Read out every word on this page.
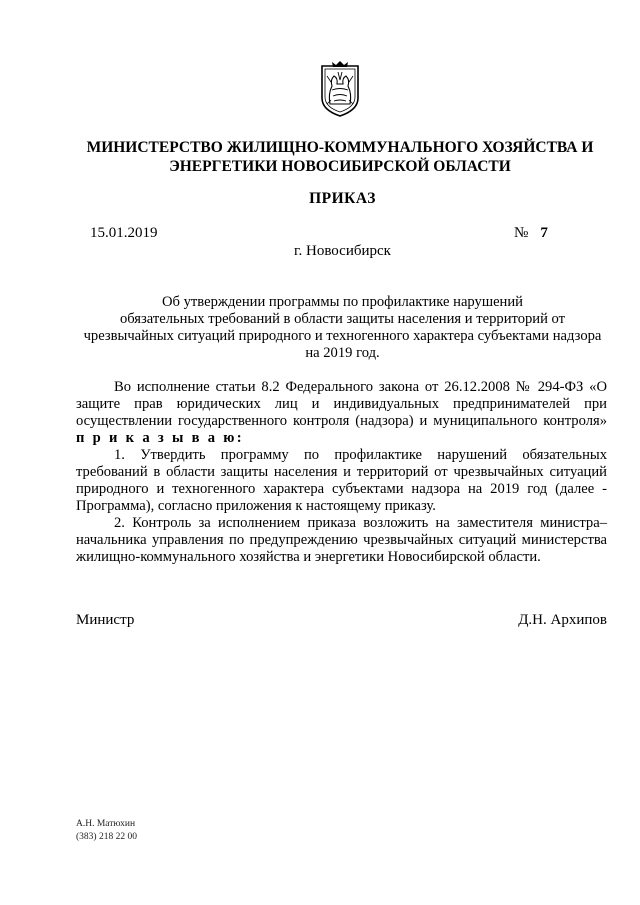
МИНИСТЕРСТВО ЖИЛИЩНО-КОММУНАЛЬНОГО ХОЗЯЙСТВА И
ЭНЕРГЕТИКИ НОВОСИБИРСКОЙ ОБЛАСТИ
ПРИКАЗ
15.01.2019	№ 7
г. Новосибирск
Об утверждении программы по профилактике нарушений
обязательных требований в области защиты населения и территорий от
чрезвычайных ситуаций природного и техногенного характера субъектами надзора
на 2019 год.

Во исполнение статьи 8.2 Федерального закона от 26.12.2008 № 294-ФЗ «О защите прав юридических лиц и индивидуальных предпринимателей при осуществлении государственного контроля (надзора) и муниципального контроля» п р и к а з ы в а ю:

1. Утвердить программу по профилактике нарушений обязательных требований в области защиты населения и территорий от чрезвычайных ситуаций природного и техногенного характера субъектами надзора на 2019 год (далее - Программа), согласно приложения к настоящему приказу.

2. Контроль за исполнением приказа возложить на заместителя министра–начальника управления по предупреждению чрезвычайных ситуаций министерства жилищно-коммунального хозяйства и энергетики Новосибирской области.

Министр	Д.Н. Архипов
А.Н. Матюхин
(383) 218 22 00
